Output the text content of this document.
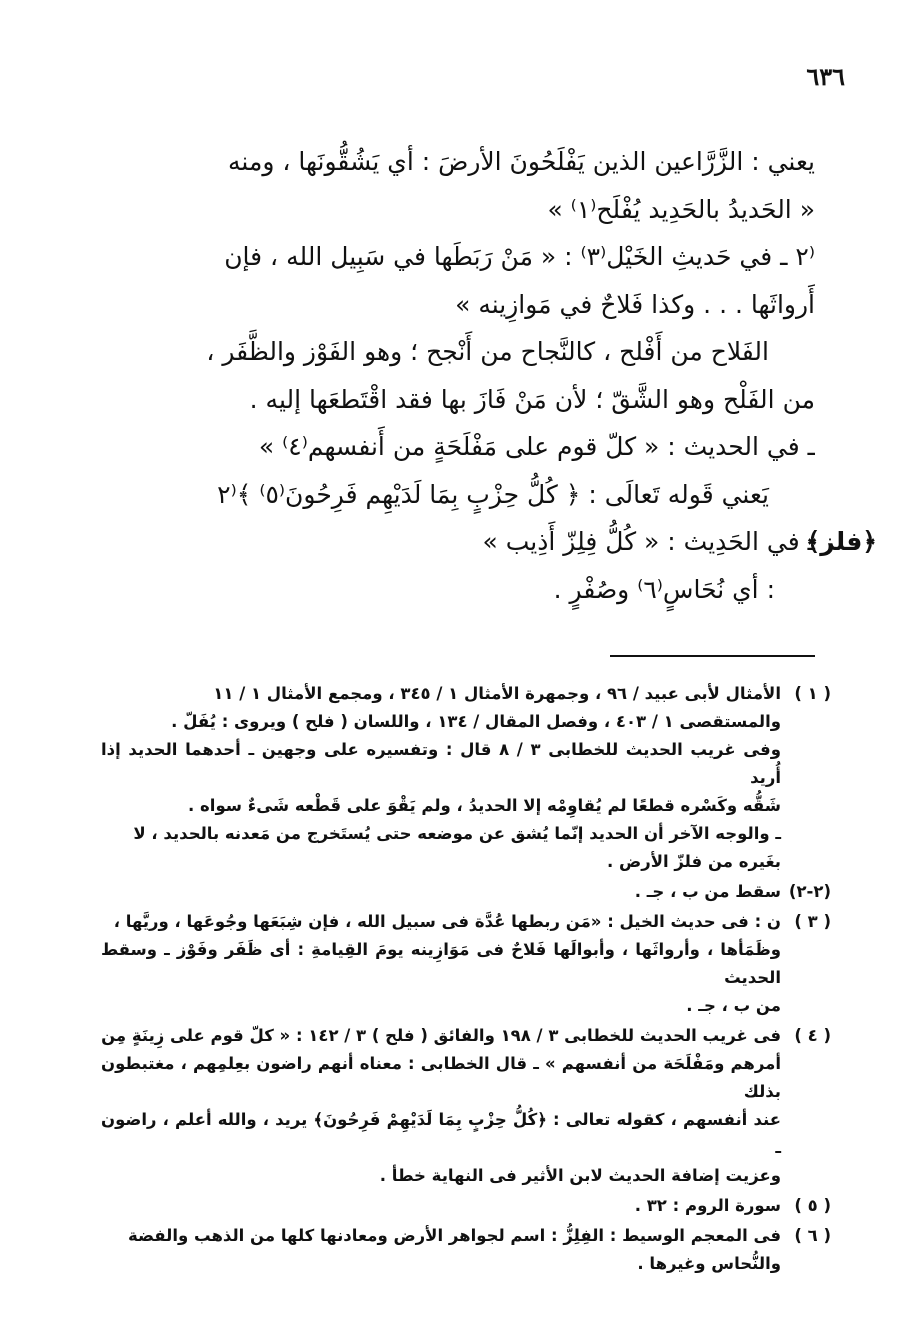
٦٣٦
يعني : الزَّرَّاعين الذين يَفْلَحُونَ الأرضَ : أي يَشُقُّونَها ، ومنه
« الحَديدُ بالحَدِيد يُفْلَح⁽١⁾ »
⁽٢ ـ في حَديثِ الخَيْل⁽٣⁾ : « مَنْ رَبَطَها في سَبِيل الله ، فإن
أَرواثَها . . . وكذا فَلاحٌ في مَوازِينه »
الفَلاح من أَفْلح ، كالنَّجاح من أَنْجح ؛ وهو الفَوْز والظَّفَر ،
من الفَلْح وهو الشَّقّ ؛ لأن مَنْ فَازَ بها فقد اقْتَطعَها إليه .
ـ في الحديث : « كلّ قوم على مَفْلَحَةٍ من أَنفسهم⁽٤⁾ »
يَعني قَوله تَعالَى : ﴿ كُلُّ حِزْبٍ بِمَا لَدَيْهِم فَرِحُونَ⁽٥⁾ ﴾⁽٢
﴿فلز﴾
ـ في الحَدِيث : « كُلُّ فِلِزّ أَذِيب »
: أي نُحَاسٍ⁽٦⁾ وصُفْرٍ .
( ١ )
الأمثال لأبى عبيد / ٩٦ ، وجمهرة الأمثال ١ / ٣٤٥ ، ومجمع الأمثال ١ / ١١
والمستقصى ١ / ٤٠٣ ، وفصل المقال / ١٣٤ ، واللسان ( فلح ) ويروى : يُفَلّ .
وفى غريب الحديث للخطابى ٣ / ٨ قال : وتفسيره على وجهين ـ أحدهما الحديد إذا أُريد
شَقُّه وكَسْره قطعًا لم يُقاوِمْه إلا الحديدُ ، ولم يَقْوَ على قَطْعه شَىءٌ سواه .
ـ والوجه الآخر أن الحديد إنّما يُشق عن موضعه حتى يُستَخرج من مَعدنه بالحديد ، لا
بغَيره من فلزّ الأرض .
(٢-٢)
سقط من ب ، جـ .
( ٣ )
ن : فى حديث الخيل : «مَن ربطها عُدَّة فى سبيل الله ، فإن شِبَعَها وجُوعَها ، وريَّها ،
وظَمَأها ، وأرواثَها ، وأبوالَها فَلاحٌ فى مَوَازِينه يومَ القِيامةِ : أى ظَفَر وفَوْز ـ وسقط الحديث
من ب ، جـ .
( ٤ )
فى غريب الحديث للخطابى ٣ / ١٩٨ والفائق ( فلح ) ٣ / ١٤٢ : « كلّ قوم على زِينَةٍ مِن
أمرهم ومَفْلَحَة من أنفسهم » ـ قال الخطابى : معناه أنهم راضون بعِلمِهم ، مغتبطون بذلك
عند أنفسهم ، كقوله تعالى : ﴿كُلُّ حِزْبٍ بِمَا لَدَيْهِمْ فَرِحُونَ﴾ يريد ، والله أعلم ، راضون ـ
وعزيت إضافة الحديث لابن الأثير فى النهاية خطأ .
( ٥ )
سورة الروم : ٣٢ .
( ٦ )
فى المعجم الوسيط : الفِلِزُّ : اسم لجواهر الأرض ومعادنها كلها من الذهب والفضة
والنُّحاس وغيرها .
